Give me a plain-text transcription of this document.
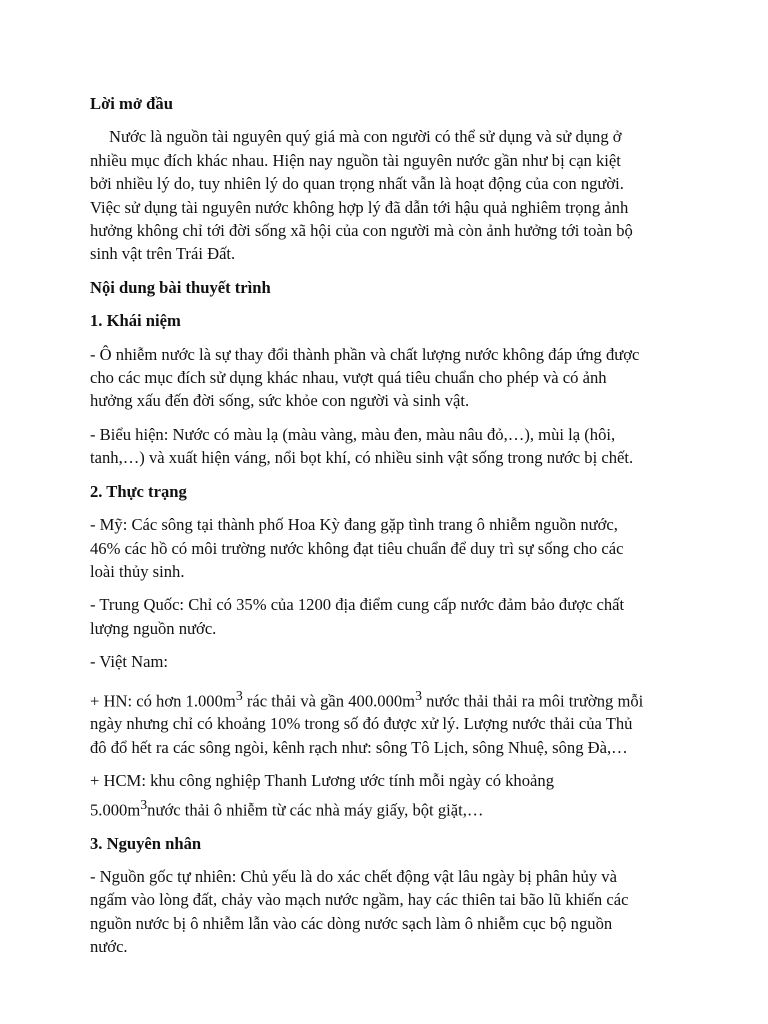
Lời mở đầu

Nước là nguồn tài nguyên quý giá mà con người có thể sử dụng và sử dụng ở
nhiều mục đích khác nhau. Hiện nay nguồn tài nguyên nước gần như bị cạn kiệt
bởi nhiều lý do, tuy nhiên lý do quan trọng nhất vẫn là hoạt động của con người.
Việc sử dụng tài nguyên nước không hợp lý đã dẫn tới hậu quả nghiêm trọng ảnh
hưởng không chỉ tới đời sống xã hội của con người mà còn ảnh hưởng tới toàn bộ
sinh vật trên Trái Đất.

Nội dung bài thuyết trình
1. Khái niệm

- Ô nhiễm nước là sự thay đổi thành phần và chất lượng nước không đáp ứng được
cho các mục đích sử dụng khác nhau, vượt quá tiêu chuẩn cho phép và có ảnh
hưởng xấu đến đời sống, sức khỏe con người và sinh vật.

- Biểu hiện: Nước có màu lạ (màu vàng, màu đen, màu nâu đỏ,…), mùi lạ (hôi,
tanh,…) và xuất hiện váng, nổi bọt khí, có nhiều sinh vật sống trong nước bị chết.

2. Thực trạng

- Mỹ: Các sông tại thành phố Hoa Kỳ đang gặp tình trang ô nhiễm nguồn nước,
46% các hồ có môi trường nước không đạt tiêu chuẩn để duy trì sự sống cho các
loài thủy sinh.

- Trung Quốc: Chỉ có 35% của 1200 địa điểm cung cấp nước đảm bảo được chất
lượng nguồn nước.

- Việt Nam:

+ HN: có hơn $1.000m^3$ rác thải và gần $400.000m^3$ nước thải thải ra môi trường mỗi
ngày nhưng chỉ có khoảng 10% trong số đó được xử lý. Lượng nước thải của Thủ
đô đổ hết ra các sông ngòi, kênh rạch như: sông Tô Lịch, sông Nhuệ, sông Đà,…

+ HCM: khu công nghiệp Thanh Lương ước tính mỗi ngày có khoảng
$5.000m^3nước$ thải ô nhiễm từ các nhà máy giấy, bột giặt,…

3. Nguyên nhân

- Nguồn gốc tự nhiên: Chủ yếu là do xác chết động vật lâu ngày bị phân hủy và
ngấm vào lòng đất, chảy vào mạch nước ngầm, hay các thiên tai bão lũ khiến các
nguồn nước bị ô nhiễm lẫn vào các dòng nước sạch làm ô nhiễm cục bộ nguồn
nước.
